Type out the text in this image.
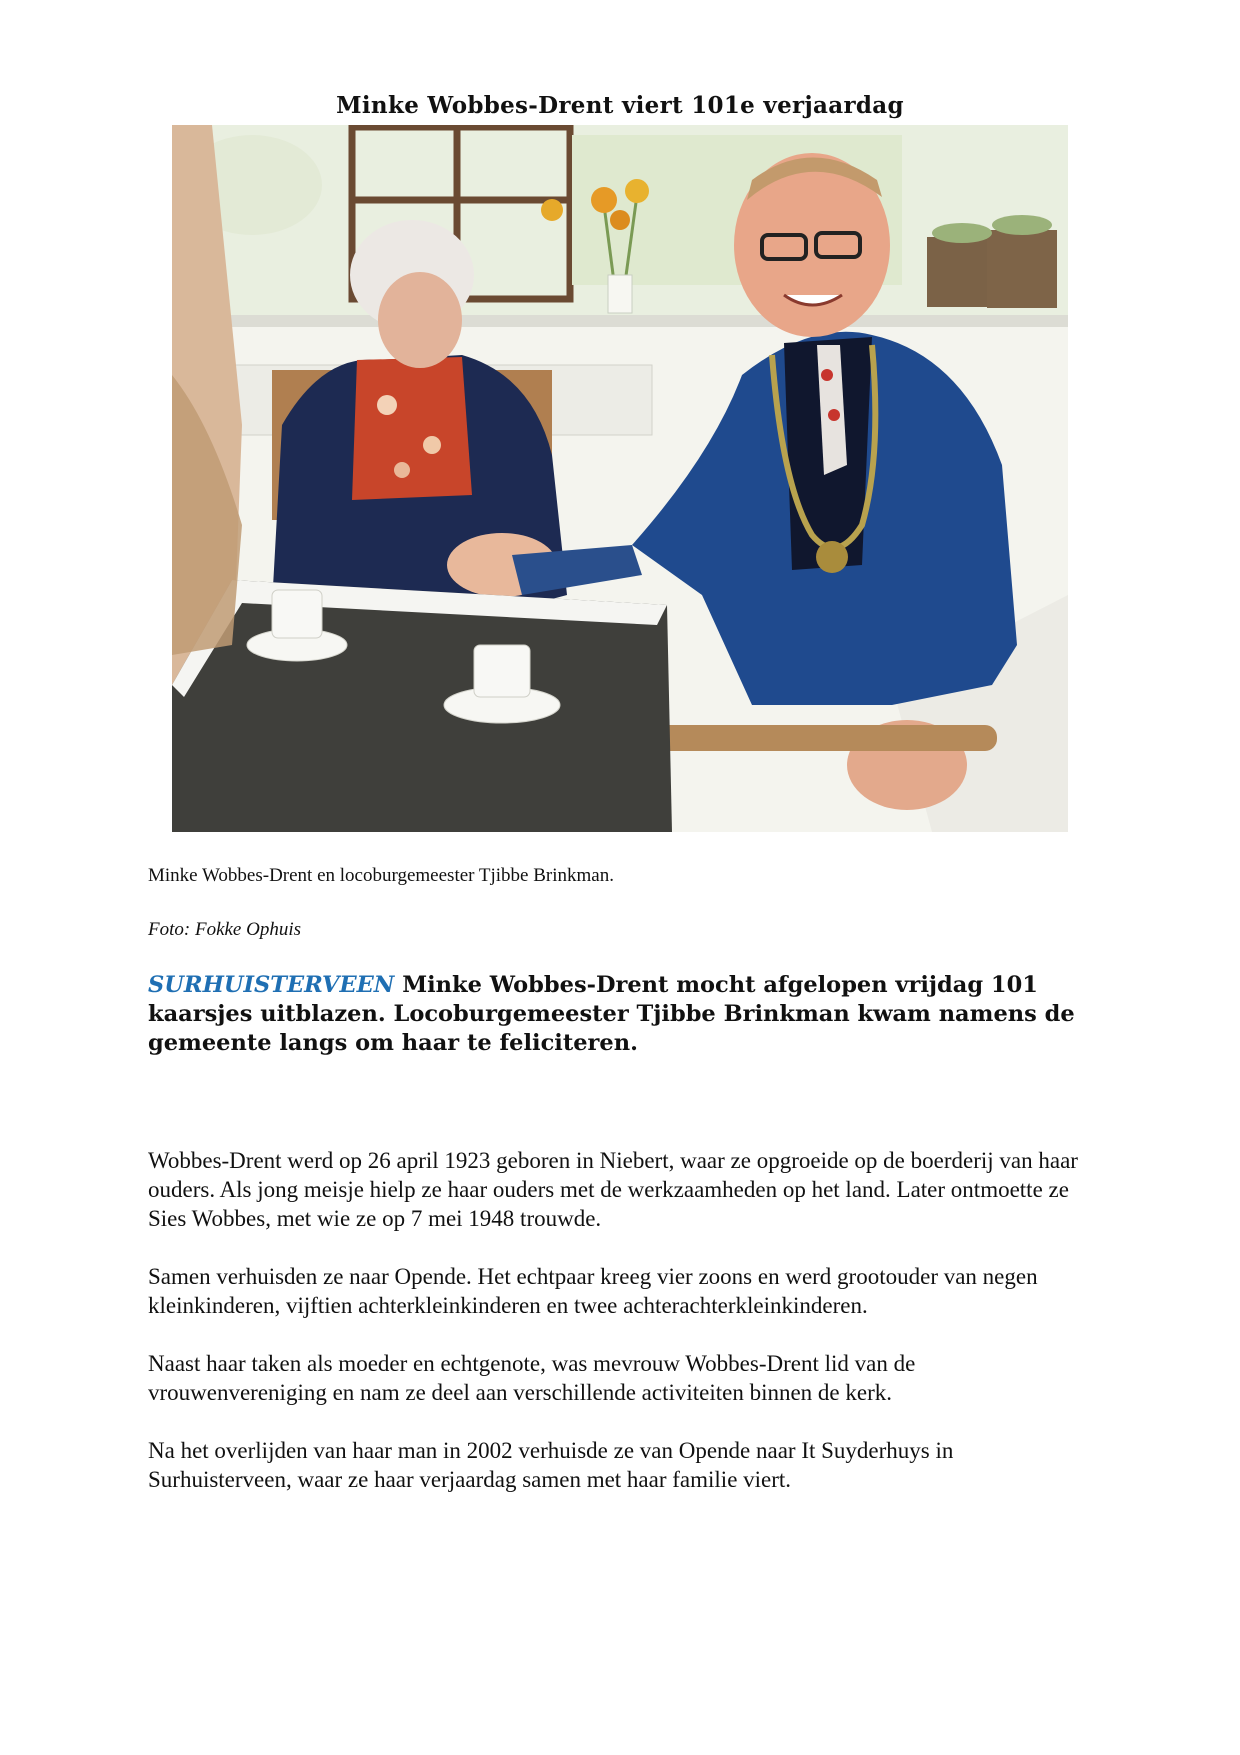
Minke Wobbes-Drent viert 101e verjaardag

Minke Wobbes-Drent en locoburgemeester Tjibbe Brinkman.

Foto: Fokke Ophuis

SURHUISTERVEEN Minke Wobbes-Drent mocht afgelopen vrijdag 101 kaarsjes uitblazen. Locoburgemeester Tjibbe Brinkman kwam namens de gemeente langs om haar te feliciteren.

Wobbes-Drent werd op 26 april 1923 geboren in Niebert, waar ze opgroeide op de boerderij van haar ouders. Als jong meisje hielp ze haar ouders met de werkzaamheden op het land. Later ontmoette ze Sies Wobbes, met wie ze op 7 mei 1948 trouwde.

Samen verhuisden ze naar Opende. Het echtpaar kreeg vier zoons en werd grootouder van negen kleinkinderen, vijftien achterkleinkinderen en twee achterachterkleinkinderen.

Naast haar taken als moeder en echtgenote, was mevrouw Wobbes-Drent lid van de vrouwenvereniging en nam ze deel aan verschillende activiteiten binnen de kerk.

Na het overlijden van haar man in 2002 verhuisde ze van Opende naar It Suyderhuys in Surhuisterveen, waar ze haar verjaardag samen met haar familie viert.
